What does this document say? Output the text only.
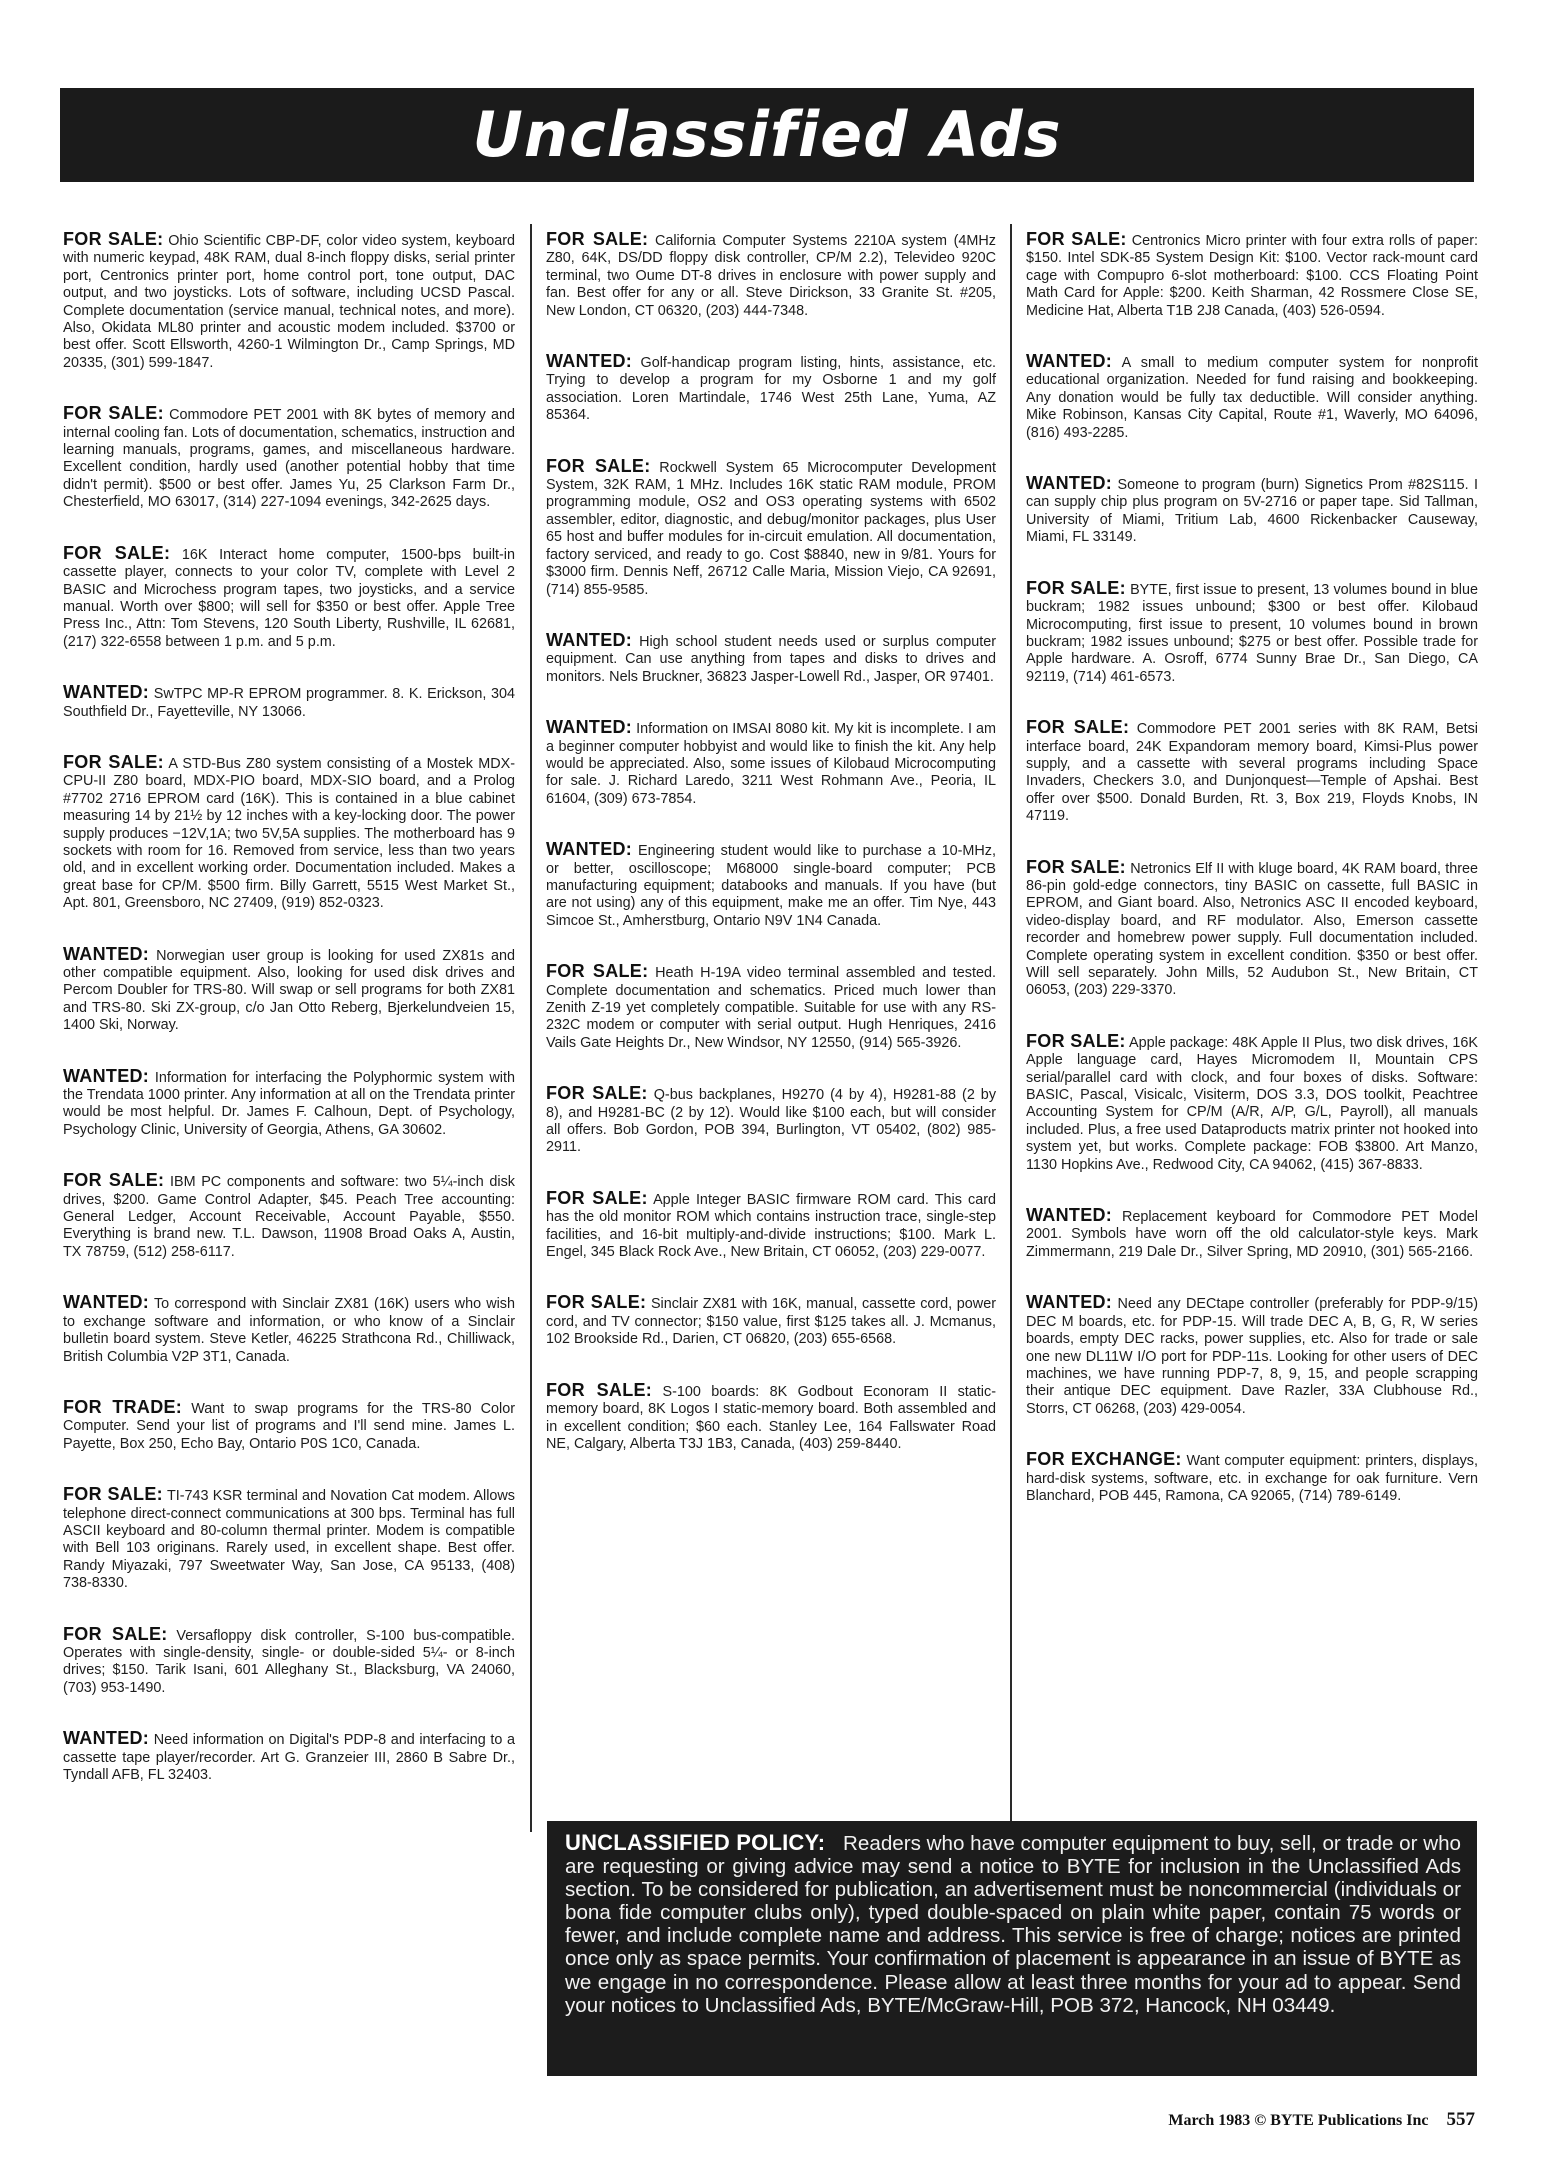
Unclassified Ads

FOR SALE: Ohio Scientific CBP-DF, color video system, keyboard with numeric keypad, 48K RAM, dual 8-inch floppy disks, serial printer port, Centronics printer port, home control port, tone output, DAC output, and two joysticks. Lots of software, including UCSD Pascal. Complete documentation (service manual, technical notes, and more). Also, Okidata ML80 printer and acoustic modem included. $3700 or best offer. Scott Ellsworth, 4260-1 Wilmington Dr., Camp Springs, MD 20335, (301) 599-1847.

FOR SALE: Commodore PET 2001 with 8K bytes of memory and internal cooling fan. Lots of documentation, schematics, instruction and learning manuals, programs, games, and miscellaneous hardware. Excellent condition, hardly used (another potential hobby that time didn't permit). $500 or best offer. James Yu, 25 Clarkson Farm Dr., Chesterfield, MO 63017, (314) 227-1094 evenings, 342-2625 days.

FOR SALE: 16K Interact home computer, 1500-bps built-in cassette player, connects to your color TV, complete with Level 2 BASIC and Microchess program tapes, two joysticks, and a service manual. Worth over $800; will sell for $350 or best offer. Apple Tree Press Inc., Attn: Tom Stevens, 120 South Liberty, Rushville, IL 62681, (217) 322-6558 between 1 p.m. and 5 p.m.

WANTED: SwTPC MP-R EPROM programmer. 8. K. Erickson, 304 Southfield Dr., Fayetteville, NY 13066.

FOR SALE: A STD-Bus Z80 system consisting of a Mostek MDX-CPU-II Z80 board, MDX-PIO board, MDX-SIO board, and a Prolog #7702 2716 EPROM card (16K). This is contained in a blue cabinet measuring 14 by 21½ by 12 inches with a key-locking door. The power supply produces −12V,1A; two 5V,5A supplies. The motherboard has 9 sockets with room for 16. Removed from service, less than two years old, and in excellent working order. Documentation included. Makes a great base for CP/M. $500 firm. Billy Garrett, 5515 West Market St., Apt. 801, Greensboro, NC 27409, (919) 852-0323.

WANTED: Norwegian user group is looking for used ZX81s and other compatible equipment. Also, looking for used disk drives and Percom Doubler for TRS-80. Will swap or sell programs for both ZX81 and TRS-80. Ski ZX-group, c/o Jan Otto Reberg, Bjerkelundveien 15, 1400 Ski, Norway.

WANTED: Information for interfacing the Polyphormic system with the Trendata 1000 printer. Any information at all on the Trendata printer would be most helpful. Dr. James F. Calhoun, Dept. of Psychology, Psychology Clinic, University of Georgia, Athens, GA 30602.

FOR SALE: IBM PC components and software: two 5¼-inch disk drives, $200. Game Control Adapter, $45. Peach Tree accounting: General Ledger, Account Receivable, Account Payable, $550. Everything is brand new. T.L. Dawson, 11908 Broad Oaks A, Austin, TX 78759, (512) 258-6117.

WANTED: To correspond with Sinclair ZX81 (16K) users who wish to exchange software and information, or who know of a Sinclair bulletin board system. Steve Ketler, 46225 Strathcona Rd., Chilliwack, British Columbia V2P 3T1, Canada.

FOR TRADE: Want to swap programs for the TRS-80 Color Computer. Send your list of programs and I'll send mine. James L. Payette, Box 250, Echo Bay, Ontario P0S 1C0, Canada.

FOR SALE: TI-743 KSR terminal and Novation Cat modem. Allows telephone direct-connect communications at 300 bps. Terminal has full ASCII keyboard and 80-column thermal printer. Modem is compatible with Bell 103 originans. Rarely used, in excellent shape. Best offer. Randy Miyazaki, 797 Sweetwater Way, San Jose, CA 95133, (408) 738-8330.

FOR SALE: Versafloppy disk controller, S-100 bus-compatible. Operates with single-density, single- or double-sided 5¼- or 8-inch drives; $150. Tarik Isani, 601 Alleghany St., Blacksburg, VA 24060, (703) 953-1490.

WANTED: Need information on Digital's PDP-8 and interfacing to a cassette tape player/recorder. Art G. Granzeier III, 2860 B Sabre Dr., Tyndall AFB, FL 32403.

FOR SALE: California Computer Systems 2210A system (4MHz Z80, 64K, DS/DD floppy disk controller, CP/M 2.2), Televideo 920C terminal, two Oume DT-8 drives in enclosure with power supply and fan. Best offer for any or all. Steve Dirickson, 33 Granite St. #205, New London, CT 06320, (203) 444-7348.

WANTED: Golf-handicap program listing, hints, assistance, etc. Trying to develop a program for my Osborne 1 and my golf association. Loren Martindale, 1746 West 25th Lane, Yuma, AZ 85364.

FOR SALE: Rockwell System 65 Microcomputer Development System, 32K RAM, 1 MHz. Includes 16K static RAM module, PROM programming module, OS2 and OS3 operating systems with 6502 assembler, editor, diagnostic, and debug/monitor packages, plus User 65 host and buffer modules for in-circuit emulation. All documentation, factory serviced, and ready to go. Cost $8840, new in 9/81. Yours for $3000 firm. Dennis Neff, 26712 Calle Maria, Mission Viejo, CA 92691, (714) 855-9585.

WANTED: High school student needs used or surplus computer equipment. Can use anything from tapes and disks to drives and monitors. Nels Bruckner, 36823 Jasper-Lowell Rd., Jasper, OR 97401.

WANTED: Information on IMSAI 8080 kit. My kit is incomplete. I am a beginner computer hobbyist and would like to finish the kit. Any help would be appreciated. Also, some issues of Kilobaud Microcomputing for sale. J. Richard Laredo, 3211 West Rohmann Ave., Peoria, IL 61604, (309) 673-7854.

WANTED: Engineering student would like to purchase a 10-MHz, or better, oscilloscope; M68000 single-board computer; PCB manufacturing equipment; databooks and manuals. If you have (but are not using) any of this equipment, make me an offer. Tim Nye, 443 Simcoe St., Amherstburg, Ontario N9V 1N4 Canada.

FOR SALE: Heath H-19A video terminal assembled and tested. Complete documentation and schematics. Priced much lower than Zenith Z-19 yet completely compatible. Suitable for use with any RS-232C modem or computer with serial output. Hugh Henriques, 2416 Vails Gate Heights Dr., New Windsor, NY 12550, (914) 565-3926.

FOR SALE: Q-bus backplanes, H9270 (4 by 4), H9281-88 (2 by 8), and H9281-BC (2 by 12). Would like $100 each, but will consider all offers. Bob Gordon, POB 394, Burlington, VT 05402, (802) 985-2911.

FOR SALE: Apple Integer BASIC firmware ROM card. This card has the old monitor ROM which contains instruction trace, single-step facilities, and 16-bit multiply-and-divide instructions; $100. Mark L. Engel, 345 Black Rock Ave., New Britain, CT 06052, (203) 229-0077.

FOR SALE: Sinclair ZX81 with 16K, manual, cassette cord, power cord, and TV connector; $150 value, first $125 takes all. J. Mcmanus, 102 Brookside Rd., Darien, CT 06820, (203) 655-6568.

FOR SALE: S-100 boards: 8K Godbout Econoram II static-memory board, 8K Logos I static-memory board. Both assembled and in excellent condition; $60 each. Stanley Lee, 164 Fallswater Road NE, Calgary, Alberta T3J 1B3, Canada, (403) 259-8440.

FOR SALE: Centronics Micro printer with four extra rolls of paper: $150. Intel SDK-85 System Design Kit: $100. Vector rack-mount card cage with Compupro 6-slot motherboard: $100. CCS Floating Point Math Card for Apple: $200. Keith Sharman, 42 Rossmere Close SE, Medicine Hat, Alberta T1B 2J8 Canada, (403) 526-0594.

WANTED: A small to medium computer system for nonprofit educational organization. Needed for fund raising and bookkeeping. Any donation would be fully tax deductible. Will consider anything. Mike Robinson, Kansas City Capital, Route #1, Waverly, MO 64096, (816) 493-2285.

WANTED: Someone to program (burn) Signetics Prom #82S115. I can supply chip plus program on 5V-2716 or paper tape. Sid Tallman, University of Miami, Tritium Lab, 4600 Rickenbacker Causeway, Miami, FL 33149.

FOR SALE: BYTE, first issue to present, 13 volumes bound in blue buckram; 1982 issues unbound; $300 or best offer. Kilobaud Microcomputing, first issue to present, 10 volumes bound in brown buckram; 1982 issues unbound; $275 or best offer. Possible trade for Apple hardware. A. Osroff, 6774 Sunny Brae Dr., San Diego, CA 92119, (714) 461-6573.

FOR SALE: Commodore PET 2001 series with 8K RAM, Betsi interface board, 24K Expandoram memory board, Kimsi-Plus power supply, and a cassette with several programs including Space Invaders, Checkers 3.0, and Dunjonquest—Temple of Apshai. Best offer over $500. Donald Burden, Rt. 3, Box 219, Floyds Knobs, IN 47119.

FOR SALE: Netronics Elf II with kluge board, 4K RAM board, three 86-pin gold-edge connectors, tiny BASIC on cassette, full BASIC in EPROM, and Giant board. Also, Netronics ASC II encoded keyboard, video-display board, and RF modulator. Also, Emerson cassette recorder and homebrew power supply. Full documentation included. Complete operating system in excellent condition. $350 or best offer. Will sell separately. John Mills, 52 Audubon St., New Britain, CT 06053, (203) 229-3370.

FOR SALE: Apple package: 48K Apple II Plus, two disk drives, 16K Apple language card, Hayes Micromodem II, Mountain CPS serial/parallel card with clock, and four boxes of disks. Software: BASIC, Pascal, Visicalc, Visiterm, DOS 3.3, DOS toolkit, Peachtree Accounting System for CP/M (A/R, A/P, G/L, Payroll), all manuals included. Plus, a free used Dataproducts matrix printer not hooked into system yet, but works. Complete package: FOB $3800. Art Manzo, 1130 Hopkins Ave., Redwood City, CA 94062, (415) 367-8833.

WANTED: Replacement keyboard for Commodore PET Model 2001. Symbols have worn off the old calculator-style keys. Mark Zimmermann, 219 Dale Dr., Silver Spring, MD 20910, (301) 565-2166.

WANTED: Need any DECtape controller (preferably for PDP-9/15) DEC M boards, etc. for PDP-15. Will trade DEC A, B, G, R, W series boards, empty DEC racks, power supplies, etc. Also for trade or sale one new DL11W I/O port for PDP-11s. Looking for other users of DEC machines, we have running PDP-7, 8, 9, 15, and people scrapping their antique DEC equipment. Dave Razler, 33A Clubhouse Rd., Storrs, CT 06268, (203) 429-0054.

FOR EXCHANGE: Want computer equipment: printers, displays, hard-disk systems, software, etc. in exchange for oak furniture. Vern Blanchard, POB 445, Ramona, CA 92065, (714) 789-6149.

UNCLASSIFIED POLICY: Readers who have computer equipment to buy, sell, or trade or who are requesting or giving advice may send a notice to BYTE for inclusion in the Unclassified Ads section. To be considered for publication, an advertisement must be noncommercial (individuals or bona fide computer clubs only), typed double-spaced on plain white paper, contain 75 words or fewer, and include complete name and address. This service is free of charge; notices are printed once only as space permits. Your confirmation of placement is appearance in an issue of BYTE as we engage in no correspondence. Please allow at least three months for your ad to appear. Send your notices to Unclassified Ads, BYTE/McGraw-Hill, POB 372, Hancock, NH 03449.
March 1983 © BYTE Publications Inc 557
